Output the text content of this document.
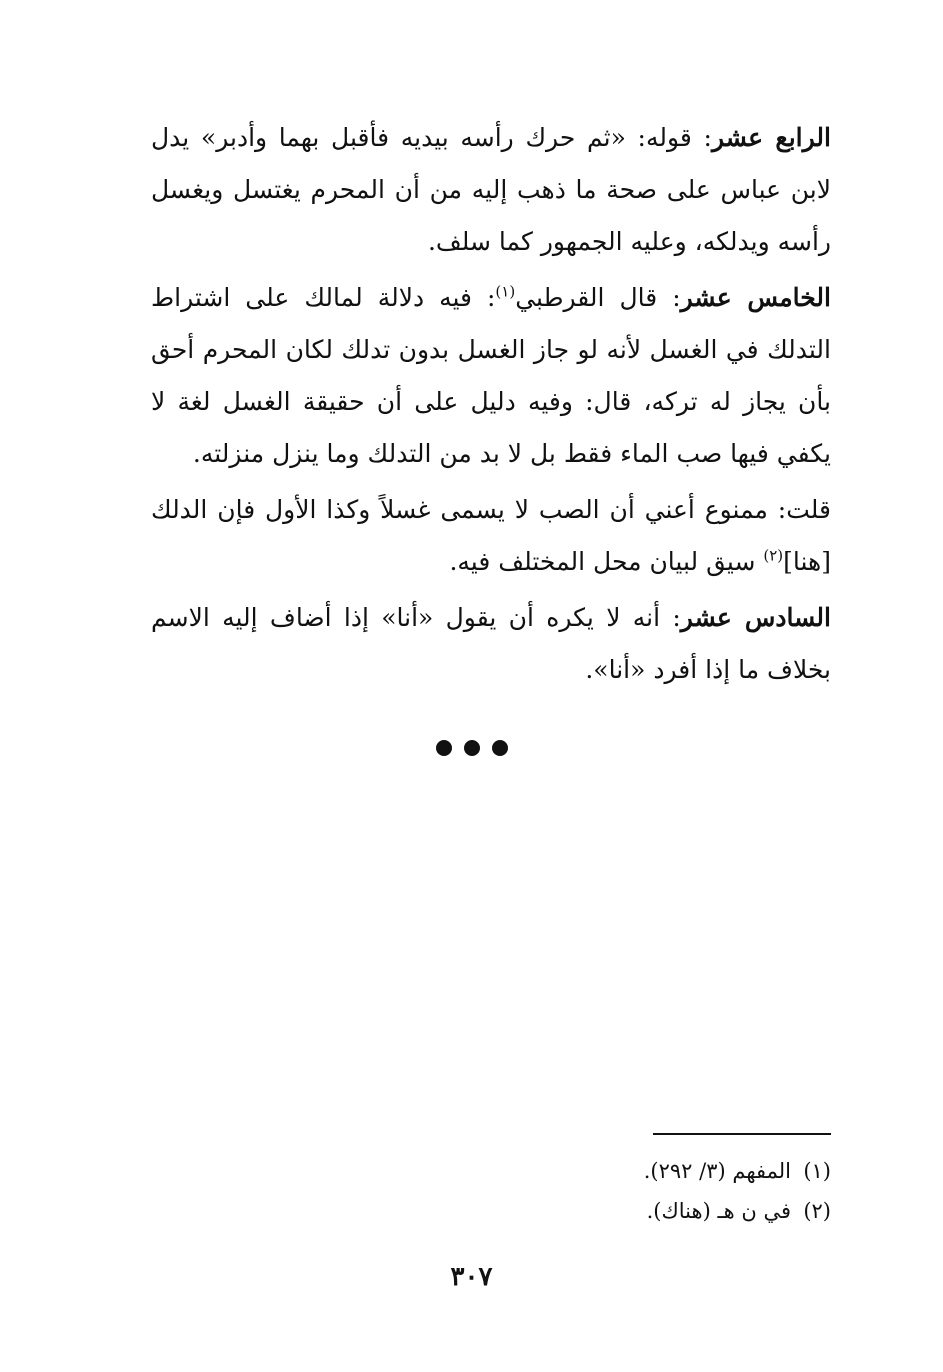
الرابع عشر: قوله: «ثم حرك رأسه بيديه فأقبل بهما وأدبر» يدل لابن عباس على صحة ما ذهب إليه من أن المحرم يغتسل ويغسل رأسه ويدلكه، وعليه الجمهور كما سلف.

الخامس عشر: قال القرطبي$^{(١)}$: فيه دلالة لمالك على اشتراط التدلك في الغسل لأنه لو جاز الغسل بدون تدلك لكان المحرم أحق بأن يجاز له تركه، قال: وفيه دليل على أن حقيقة الغسل لغة لا يكفي فيها صب الماء فقط بل لا بد من التدلك وما ينزل منزلته.

قلت: ممنوع أعني أن الصب لا يسمى غسلاً وكذا الأول فإن الدلك [هنا]$^{(٢)}$ سيق لبيان محل المختلف فيه.

السادس عشر: أنه لا يكره أن يقول «أنا» إذا أضاف إليه الاسم بخلاف ما إذا أفرد «أنا».

(١)المفهم (٣/ ٢٩٢).

(٢)في ن هـ (هناك).

٣٠٧
